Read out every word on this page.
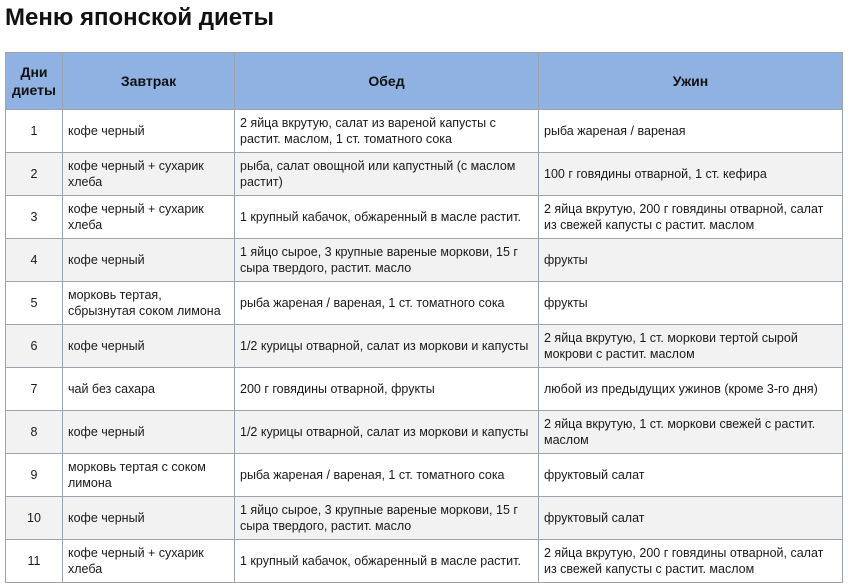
Меню японской диеты
Дни диеты	Завтрак	Обед	Ужин
1	кофе черный	2 яйца вкрутую, салат из вареной капусты с растит. маслом, 1 ст. томатного сока	рыба жареная / вареная
2	кофе черный + сухарик хлеба	рыба, салат овощной или капустный (с маслом растит)	100 г говядины отварной, 1 ст. кефира
3	кофе черный + сухарик хлеба	1 крупный кабачок, обжаренный в масле растит.	2 яйца вкрутую, 200 г говядины отварной, салат из свежей капусты с растит. маслом
4	кофе черный	1 яйцо сырое, 3 крупные вареные моркови, 15 г сыра твердого, растит. масло	фрукты
5	морковь тертая, сбрызнутая соком лимона	рыба жареная / вареная, 1 ст. томатного сока	фрукты
6	кофе черный	1/2 курицы отварной, салат из моркови и капусты	2 яйца вкрутую, 1 ст. моркови тертой сырой мокрови с растит. маслом
7	чай без сахара	200 г говядины отварной, фрукты	любой из предыдущих ужинов (кроме 3-го дня)
8	кофе черный	1/2 курицы отварной, салат из моркови и капусты	2 яйца вкрутую, 1 ст. моркови свежей с растит. маслом
9	морковь тертая с соком лимона	рыба жареная / вареная, 1 ст. томатного сока	фруктовый салат
10	кофе черный	1 яйцо сырое, 3 крупные вареные моркови, 15 г сыра твердого, растит. масло	фруктовый салат
11	кофе черный + сухарик хлеба	1 крупный кабачок, обжаренный в масле растит.	2 яйца вкрутую, 200 г говядины отварной, салат из свежей капусты с растит. маслом
